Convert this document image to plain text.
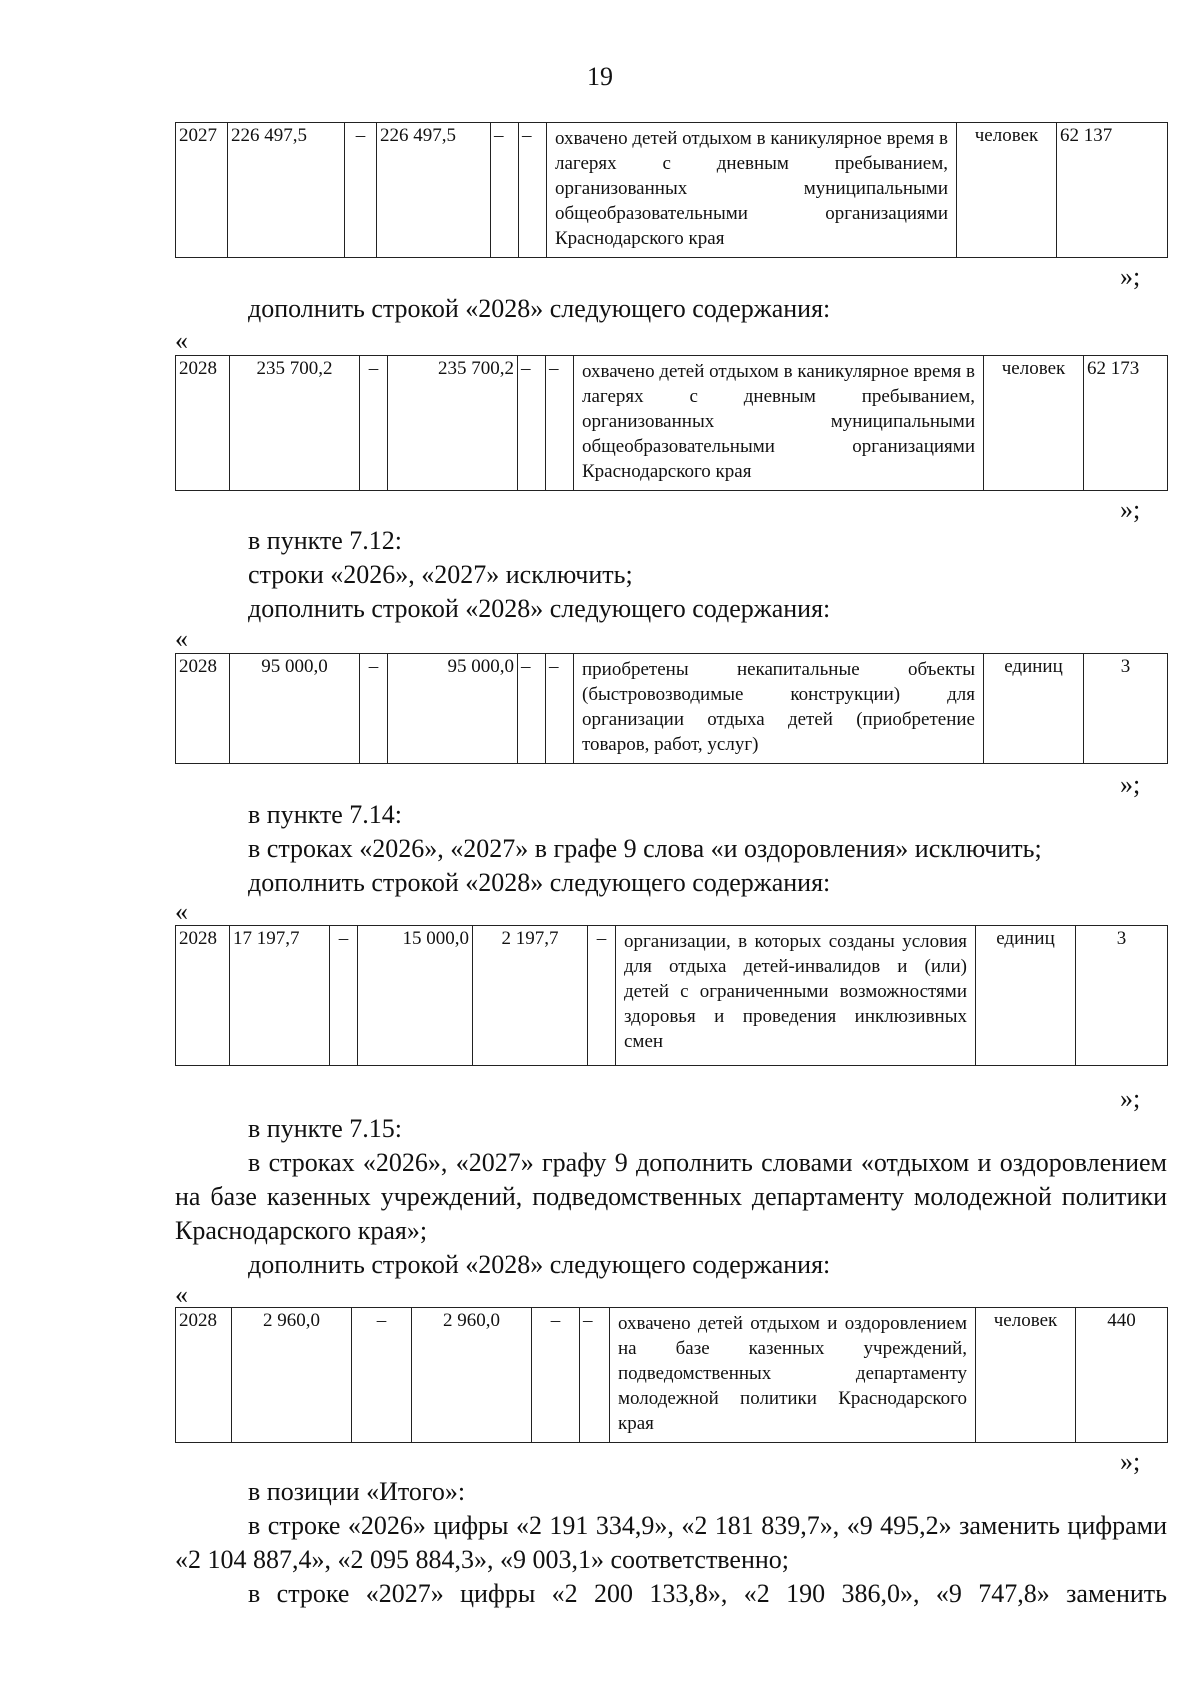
19
2027	226 497,5	–	226 497,5	–	–	охвачено детей отдыхом в каникулярное время в лагерях с дневным пребыванием, организованных муниципальными общеобразовательными организациями Краснодарского края	человек	62 137
»;
дополнить строкой «2028» следующего содержания:
«
2028	235 700,2	–	235 700,2	–	–	охвачено детей отдыхом в каникулярное время в лагерях с дневным пребыванием, организованных муниципальными общеобразовательными организациями Краснодарского края	человек	62 173
»;
в пункте 7.12:
строки «2026», «2027» исключить;
дополнить строкой «2028» следующего содержания:
«
2028	95 000,0	–	95 000,0	–	–	приобретены некапитальные объекты (быстровозводимые конструкции) для организации отдыха детей (приобретение товаров, работ, услуг)	единиц	3
»;
в пункте 7.14:
в строках «2026», «2027» в графе 9 слова «и оздоровления» исключить;
дополнить строкой «2028» следующего содержания:
«
2028	17 197,7	–	15 000,0	2 197,7	–	организации, в которых созданы условия для отдыха детей-инвалидов и (или) детей с ограниченными возможностями здоровья и проведения инклюзивных смен	единиц	3
»;
в пункте 7.15:
в строках «2026», «2027» графу 9 дополнить словами «отдыхом и оздоровлением на базе казенных учреждений, подведомственных департаменту молодежной политики Краснодарского края»;
дополнить строкой «2028» следующего содержания:
«
2028	2 960,0	–	2 960,0	–	–	охвачено детей отдыхом и оздоровлением на базе казенных учреждений, подведомственных департаменту молодежной политики Краснодарского края	человек	440
»;
в позиции «Итого»:
в строке «2026» цифры «2 191 334,9», «2 181 839,7», «9 495,2» заменить цифрами «2 104 887,4», «2 095 884,3», «9 003,1» соответственно;
в строке «2027» цифры «2 200 133,8», «2 190 386,0», «9 747,8» заменить
